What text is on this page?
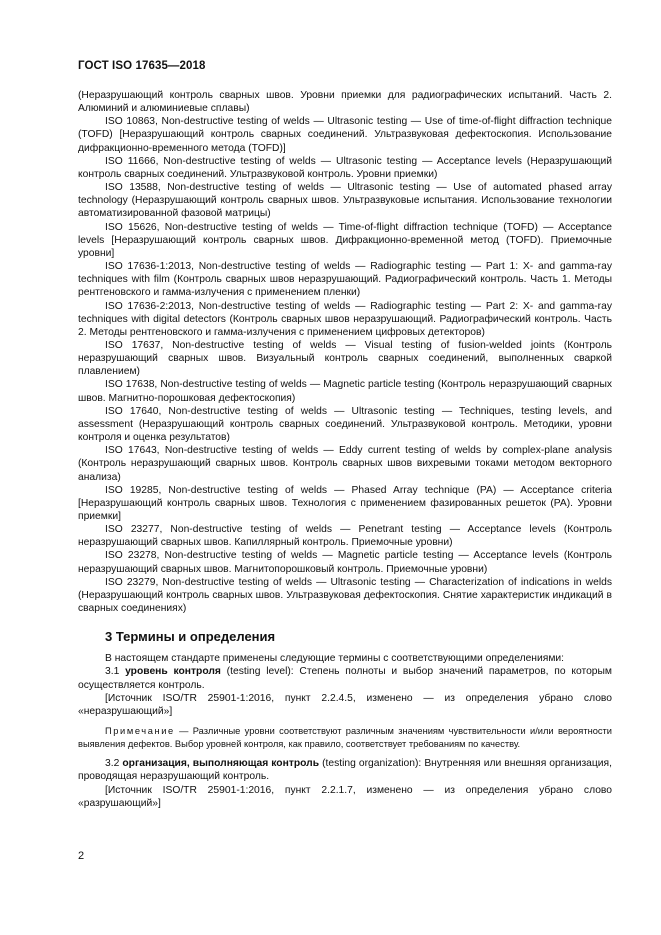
ГОСТ ISO 17635—2018

(Неразрушающий контроль сварных швов. Уровни приемки для радиографических испытаний. Часть 2. Алюминий и алюминиевые сплавы)

ISO 10863, Non-destructive testing of welds — Ultrasonic testing — Use of time-of-flight diffraction technique (TOFD) [Неразрушающий контроль сварных соединений. Ультразвуковая дефектоскопия. Использование дифракционно-временного метода (TOFD)]

ISO 11666, Non-destructive testing of welds — Ultrasonic testing — Acceptance levels (Неразрушающий контроль сварных соединений. Ультразвуковой контроль. Уровни приемки)

ISO 13588, Non-destructive testing of welds — Ultrasonic testing — Use of automated phased array technology (Неразрушающий контроль сварных швов. Ультразвуковые испытания. Использование технологии автоматизированной фазовой матрицы)

ISO 15626, Non-destructive testing of welds — Time-of-flight diffraction technique (TOFD) — Acceptance levels [Неразрушающий контроль сварных швов. Дифракционно-временной метод (TOFD). Приемочные уровни]

ISO 17636-1:2013, Non-destructive testing of welds — Radiographic testing — Part 1: X- and gamma-ray techniques with film (Контроль сварных швов неразрушающий. Радиографический контроль. Часть 1. Методы рентгеновского и гамма-излучения с применением пленки)

ISO 17636-2:2013, Non-destructive testing of welds — Radiographic testing — Part 2: X- and gamma-ray techniques with digital detectors (Контроль сварных швов неразрушающий. Радиографический контроль. Часть 2. Методы рентгеновского и гамма-излучения с применением цифровых детекторов)

ISO 17637, Non-destructive testing of welds — Visual testing of fusion-welded joints (Контроль неразрушающий сварных швов. Визуальный контроль сварных соединений, выполненных сваркой плавлением)

ISO 17638, Non-destructive testing of welds — Magnetic particle testing (Контроль неразрушающий сварных швов. Магнитно-порошковая дефектоскопия)

ISO 17640, Non-destructive testing of welds — Ultrasonic testing — Techniques, testing levels, and assessment (Неразрушающий контроль сварных соединений. Ультразвуковой контроль. Методики, уровни контроля и оценка результатов)

ISO 17643, Non-destructive testing of welds — Eddy current testing of welds by complex-plane analysis (Контроль неразрушающий сварных швов. Контроль сварных швов вихревыми токами методом векторного анализа)

ISO 19285, Non-destructive testing of welds — Phased Array technique (PA) — Acceptance criteria [Неразрушающий контроль сварных швов. Технология с применением фазированных решеток (PA). Уровни приемки]

ISO 23277, Non-destructive testing of welds — Penetrant testing — Acceptance levels (Контроль неразрушающий сварных швов. Капиллярный контроль. Приемочные уровни)

ISO 23278, Non-destructive testing of welds — Magnetic particle testing — Acceptance levels (Контроль неразрушающий сварных швов. Магнитопорошковый контроль. Приемочные уровни)

ISO 23279, Non-destructive testing of welds — Ultrasonic testing — Characterization of indications in welds (Неразрушающий контроль сварных швов. Ультразвуковая дефектоскопия. Снятие характеристик индикаций в сварных соединениях)

3 Термины и определения

В настоящем стандарте применены следующие термины с соответствующими определениями:

3.1 уровень контроля (testing level): Степень полноты и выбор значений параметров, по которым осуществляется контроль.

[Источник ISO/TR 25901-1:2016, пункт 2.2.4.5, изменено — из определения убрано слово «неразрушающий»]

Примечание — Различные уровни соответствуют различным значениям чувствительности и/или вероятности выявления дефектов. Выбор уровней контроля, как правило, соответствует требованиям по качеству.

3.2 организация, выполняющая контроль (testing organization): Внутренняя или внешняя организация, проводящая неразрушающий контроль.

[Источник ISO/TR 25901-1:2016, пункт 2.2.1.7, изменено — из определения убрано слово «разрушающий»]

2
